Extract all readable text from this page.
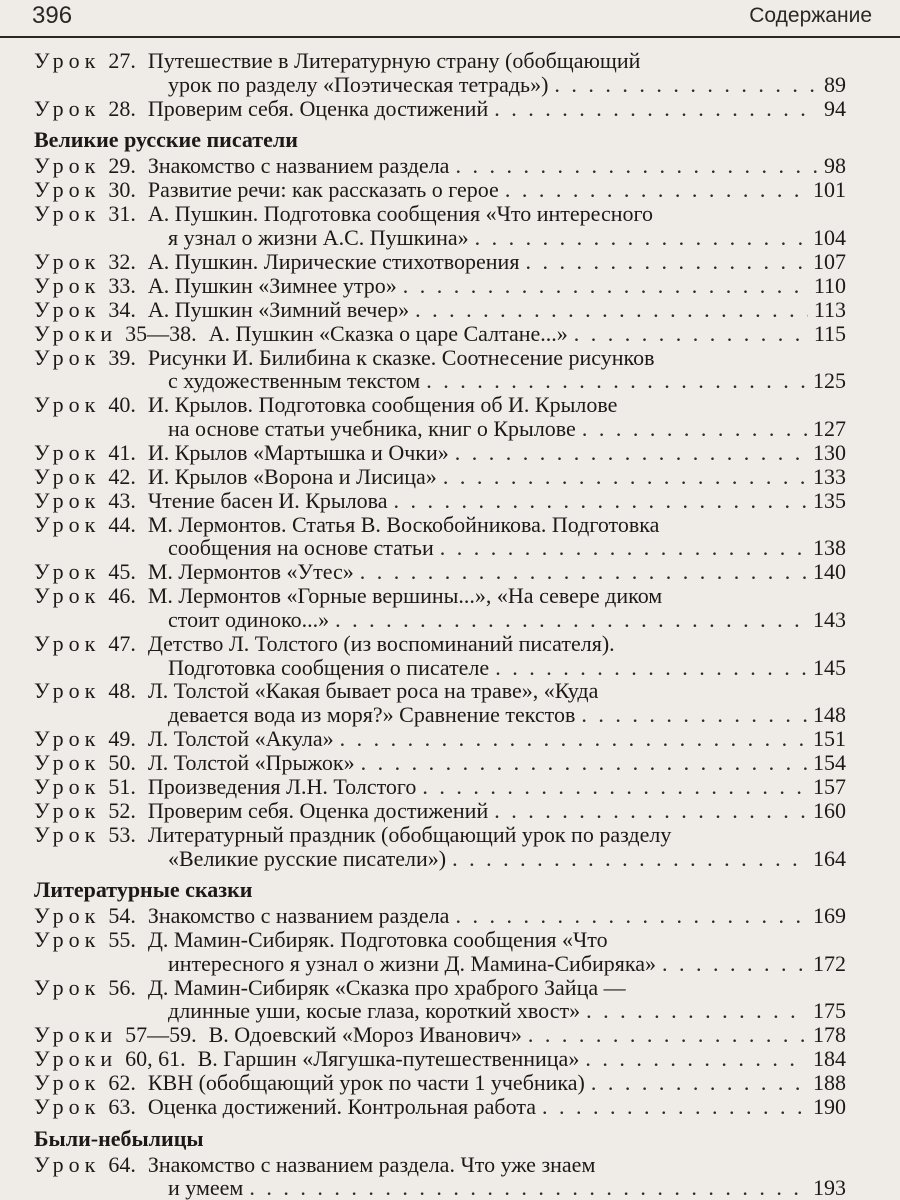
396	Содержание
Урок 27. Путешествие в Литературную страну (обобщающий
урок по разделу «Поэтическая тетрадь») . . .	89
Урок 28. Проверим себя. Оценка достижений . . .	94
Великие русские писатели
Урок 29. Знакомство с названием раздела . . .	98
Урок 30. Развитие речи: как рассказать о герое . . .	101
Урок 31. А. Пушкин. Подготовка сообщения «Что интересного
я узнал о жизни А.С. Пушкина» . . .	104
Урок 32. А. Пушкин. Лирические стихотворения . . .	107
Урок 33. А. Пушкин «Зимнее утро» . . .	110
Урок 34. А. Пушкин «Зимний вечер» . . .	113
Уроки 35—38. А. Пушкин «Сказка о царе Салтане...» . . .	115
Урок 39. Рисунки И. Билибина к сказке. Соотнесение рисунков
с художественным текстом . . .	125
Урок 40. И. Крылов. Подготовка сообщения об И. Крылове
на основе статьи учебника, книг о Крылове . . .	127
Урок 41. И. Крылов «Мартышка и Очки» . . .	130
Урок 42. И. Крылов «Ворона и Лисица» . . .	133
Урок 43. Чтение басен И. Крылова . . .	135
Урок 44. М. Лермонтов. Статья В. Воскобойникова. Подготовка
сообщения на основе статьи . . .	138
Урок 45. М. Лермонтов «Утес» . . .	140
Урок 46. М. Лермонтов «Горные вершины...», «На севере диком
стоит одиноко...» . . .	143
Урок 47. Детство Л. Толстого (из воспоминаний писателя).
Подготовка сообщения о писателе . . .	145
Урок 48. Л. Толстой «Какая бывает роса на траве», «Куда
девается вода из моря?» Сравнение текстов . . .	148
Урок 49. Л. Толстой «Акула» . . .	151
Урок 50. Л. Толстой «Прыжок» . . .	154
Урок 51. Произведения Л.Н. Толстого . . .	157
Урок 52. Проверим себя. Оценка достижений . . .	160
Урок 53. Литературный праздник (обобщающий урок по разделу
«Великие русские писатели») . . .	164
Литературные сказки
Урок 54. Знакомство с названием раздела . . .	169
Урок 55. Д. Мамин-Сибиряк. Подготовка сообщения «Что
интересного я узнал о жизни Д. Мамина-Сибиряка» . . .	172
Урок 56. Д. Мамин-Сибиряк «Сказка про храброго Зайца —
длинные уши, косые глаза, короткий хвост» . . .	175
Уроки 57—59. В. Одоевский «Мороз Иванович» . . .	178
Уроки 60, 61. В. Гаршин «Лягушка-путешественница» . . .	184
Урок 62. КВН (обобщающий урок по части 1 учебника) . . .	188
Урок 63. Оценка достижений. Контрольная работа . . .	190
Были-небылицы
Урок 64. Знакомство с названием раздела. Что уже знаем
и умеем . . .	193
